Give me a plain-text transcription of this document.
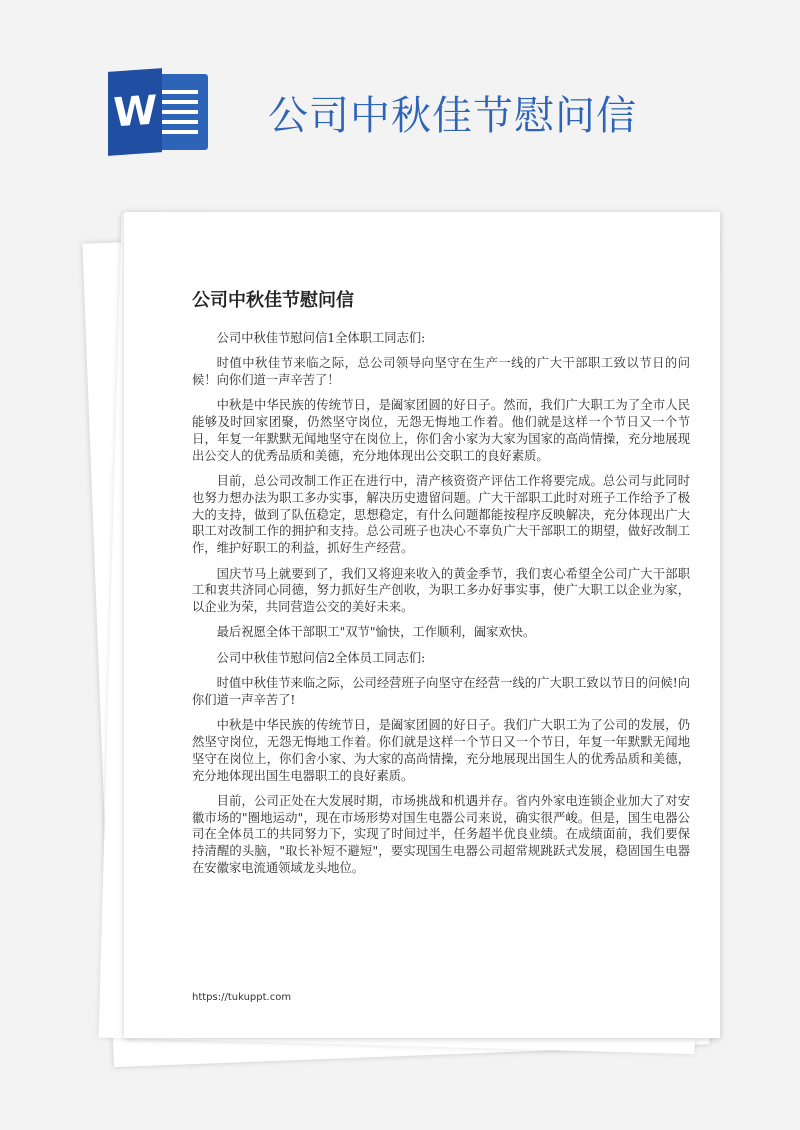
W	公司中秋佳节慰问信
公司中秋佳节慰问信

公司中秋佳节慰问信1全体职工同志们:

时值中秋佳节来临之际，总公司领导向坚守在生产一线的广大干部职工致以节日的问候！向你们道一声辛苦了！

中秋是中华民族的传统节日，是阖家团圆的好日子。然而，我们广大职工为了全市人民能够及时回家团聚，仍然坚守岗位，无怨无悔地工作着。他们就是这样一个节日又一个节日，年复一年默默无闻地坚守在岗位上，你们舍小家为大家为国家的高尚情操，充分地展现出公交人的优秀品质和美德，充分地体现出公交职工的良好素质。

目前，总公司改制工作正在进行中，清产核资资产评估工作将要完成。总公司与此同时也努力想办法为职工多办实事，解决历史遗留问题。广大干部职工此时对班子工作给予了极大的支持，做到了队伍稳定，思想稳定，有什么问题都能按程序反映解决，充分体现出广大职工对改制工作的拥护和支持。总公司班子也决心不辜负广大干部职工的期望，做好改制工作，维护好职工的利益，抓好生产经营。

国庆节马上就要到了，我们又将迎来收入的黄金季节，我们衷心希望全公司广大干部职工和衷共济同心同德，努力抓好生产创收，为职工多办好事实事，使广大职工以企业为家，以企业为荣，共同营造公交的美好未来。

最后祝愿全体干部职工"双节"愉快，工作顺利，阖家欢快。

公司中秋佳节慰问信2全体员工同志们:

时值中秋佳节来临之际，公司经营班子向坚守在经营一线的广大职工致以节日的问候!向你们道一声辛苦了!

中秋是中华民族的传统节日，是阖家团圆的好日子。我们广大职工为了公司的发展，仍然坚守岗位，无怨无悔地工作着。你们就是这样一个节日又一个节日，年复一年默默无闻地坚守在岗位上，你们舍小家、为大家的高尚情操，充分地展现出国生人的优秀品质和美德，充分地体现出国生电器职工的良好素质。

目前，公司正处在大发展时期，市场挑战和机遇并存。省内外家电连锁企业加大了对安徽市场的"圈地运动"，现在市场形势对国生电器公司来说，确实很严峻。但是，国生电器公司在全体员工的共同努力下，实现了时间过半，任务超半优良业绩。在成绩面前，我们要保持清醒的头脑，"取长补短不避短"，要实现国生电器公司超常规跳跃式发展，稳固国生电器在安徽家电流通领域龙头地位。

https://tukuppt.com
